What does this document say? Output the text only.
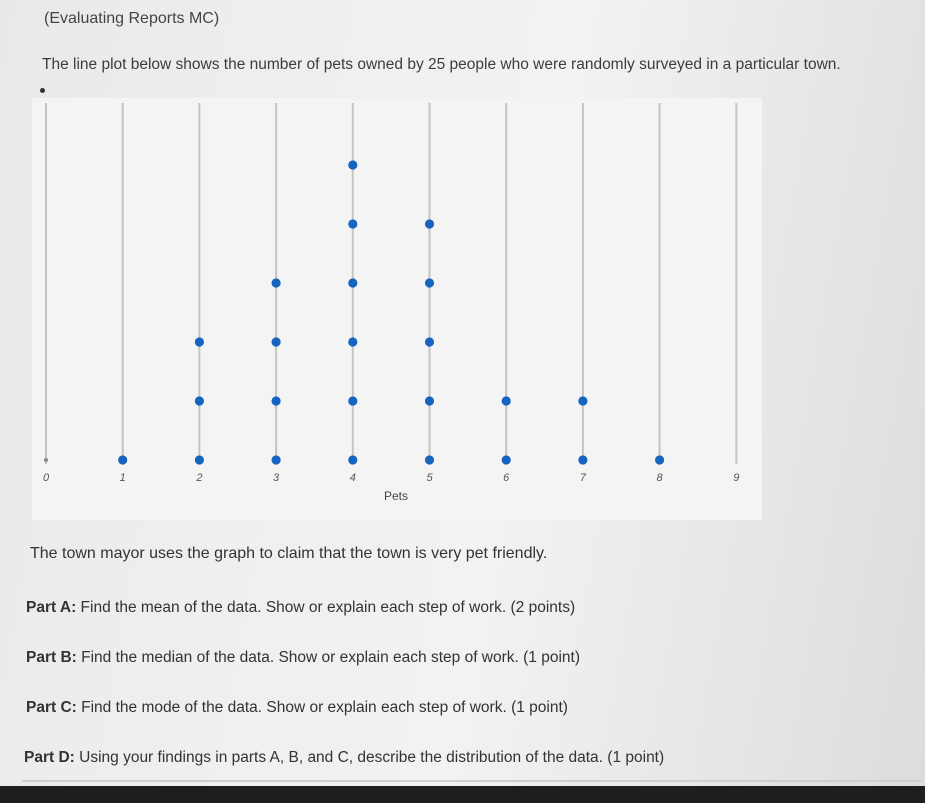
(Evaluating Reports MC)
The line plot below shows the number of pets owned by 25 people who were randomly surveyed in a particular town.
0	1	2	3	4	5	6	7	8	9
Pets
The town mayor uses the graph to claim that the town is very pet friendly.
Part A: Find the mean of the data. Show or explain each step of work. (2 points)
Part B: Find the median of the data. Show or explain each step of work. (1 point)
Part C: Find the mode of the data. Show or explain each step of work. (1 point)
Part D: Using your findings in parts A, B, and C, describe the distribution of the data. (1 point)
